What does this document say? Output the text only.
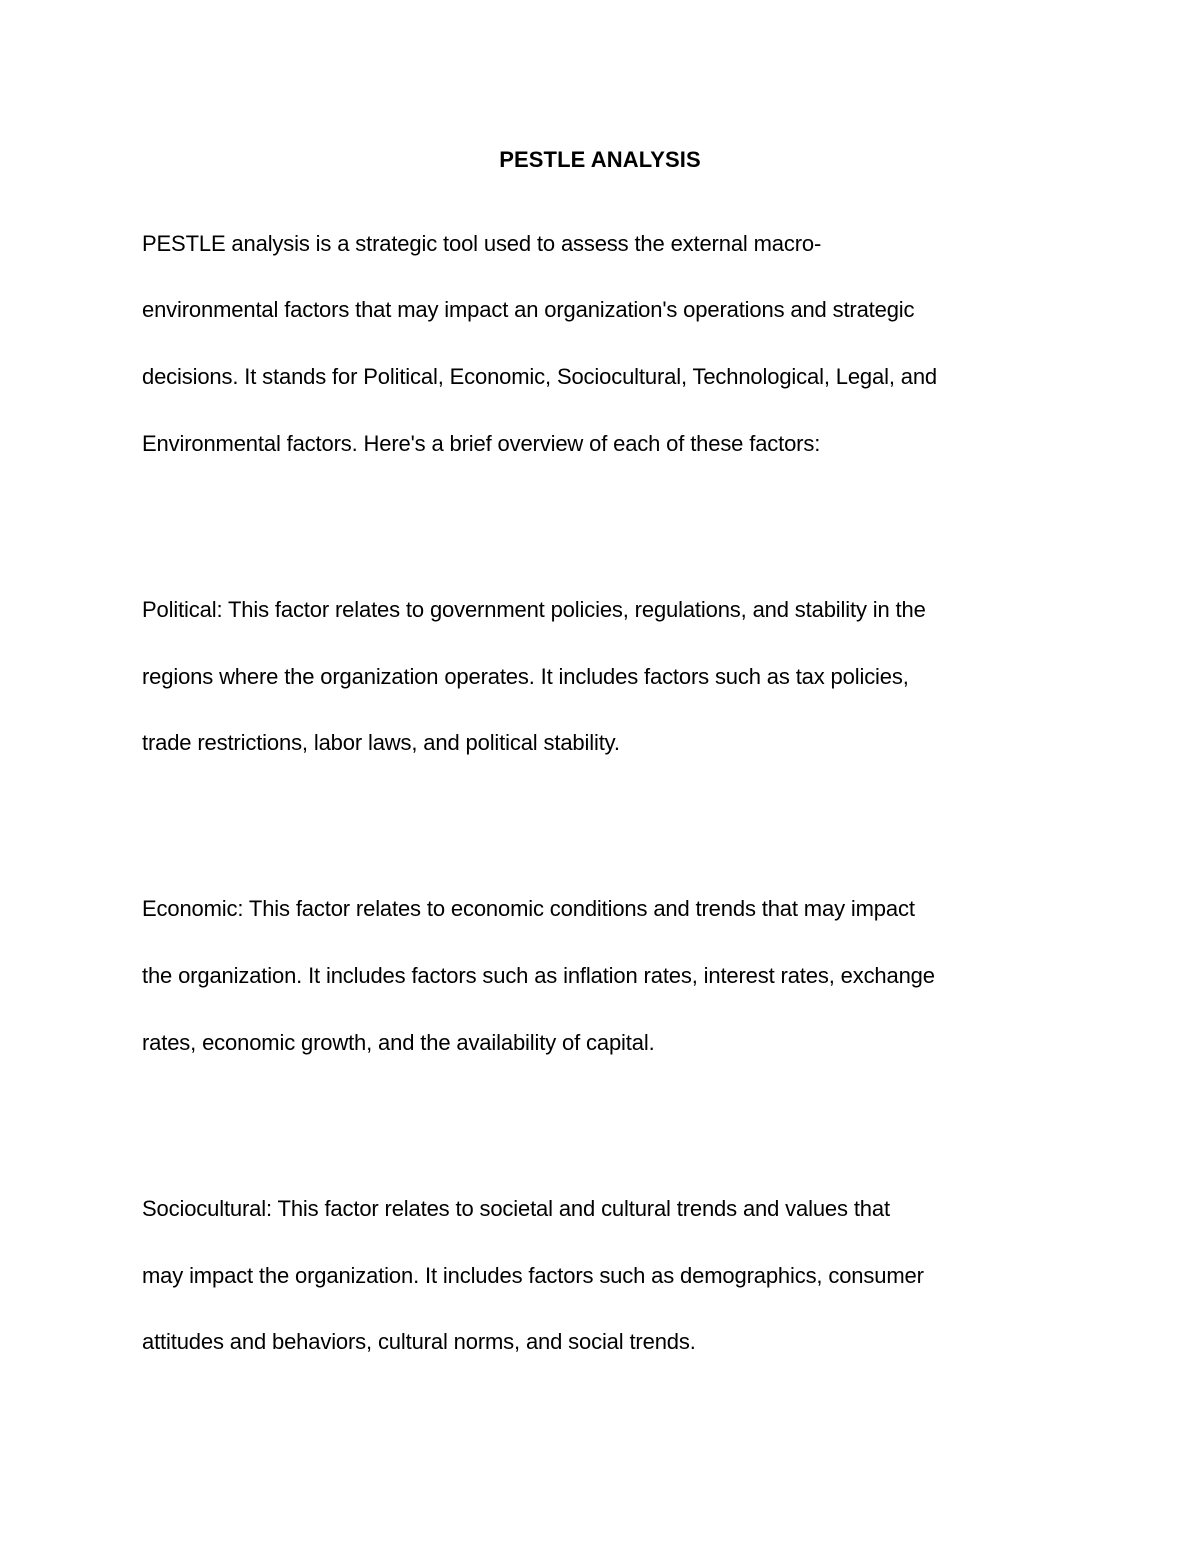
PESTLE ANALYSIS
PESTLE analysis is a strategic tool used to assess the external macro-
environmental factors that may impact an organization's operations and strategic
decisions. It stands for Political, Economic, Sociocultural, Technological, Legal, and
Environmental factors. Here's a brief overview of each of these factors:
Political: This factor relates to government policies, regulations, and stability in the
regions where the organization operates. It includes factors such as tax policies,
trade restrictions, labor laws, and political stability.
Economic: This factor relates to economic conditions and trends that may impact
the organization. It includes factors such as inflation rates, interest rates, exchange
rates, economic growth, and the availability of capital.
Sociocultural: This factor relates to societal and cultural trends and values that
may impact the organization. It includes factors such as demographics, consumer
attitudes and behaviors, cultural norms, and social trends.
